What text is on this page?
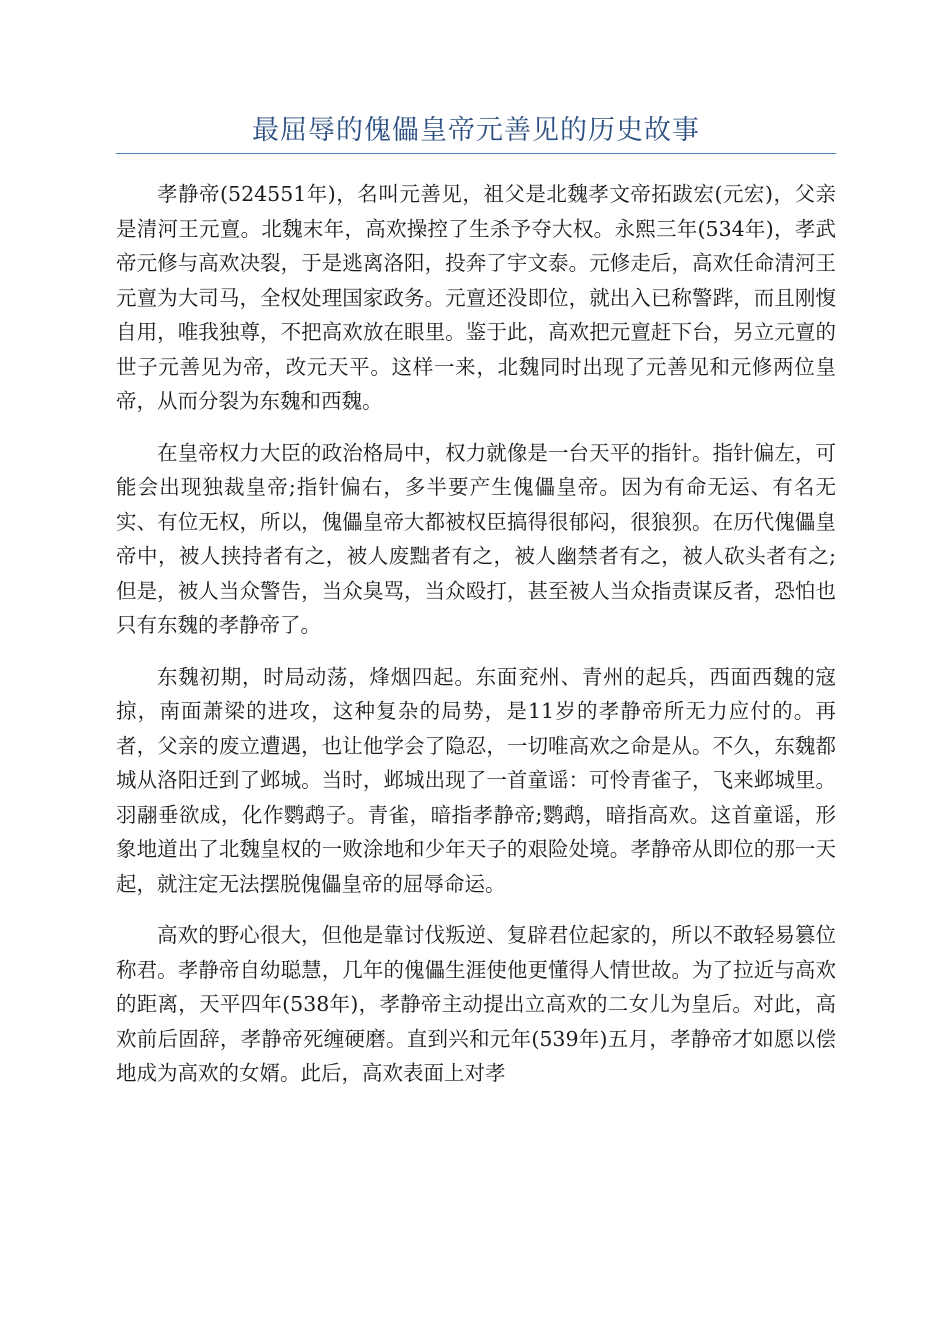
最屈辱的傀儡皇帝元善见的历史故事

孝静帝(524551年)，名叫元善见，祖父是北魏孝文帝拓跋宏(元宏)，父亲是清河王元亶。北魏末年，高欢操控了生杀予夺大权。永熙三年(534年)，孝武帝元修与高欢决裂，于是逃离洛阳，投奔了宇文泰。元修走后，高欢任命清河王元亶为大司马，全权处理国家政务。元亶还没即位，就出入已称警跸，而且刚愎自用，唯我独尊，不把高欢放在眼里。鉴于此，高欢把元亶赶下台，另立元亶的世子元善见为帝，改元天平。这样一来，北魏同时出现了元善见和元修两位皇帝，从而分裂为东魏和西魏。

在皇帝权力大臣的政治格局中，权力就像是一台天平的指针。指针偏左，可能会出现独裁皇帝;指针偏右，多半要产生傀儡皇帝。因为有命无运、有名无实、有位无权，所以，傀儡皇帝大都被权臣搞得很郁闷，很狼狈。在历代傀儡皇帝中，被人挟持者有之，被人废黜者有之，被人幽禁者有之，被人砍头者有之;但是，被人当众警告，当众臭骂，当众殴打，甚至被人当众指责谋反者，恐怕也只有东魏的孝静帝了。

东魏初期，时局动荡，烽烟四起。东面兖州、青州的起兵，西面西魏的寇掠，南面萧梁的进攻，这种复杂的局势，是11岁的孝静帝所无力应付的。再者，父亲的废立遭遇，也让他学会了隐忍，一切唯高欢之命是从。不久，东魏都城从洛阳迁到了邺城。当时，邺城出现了一首童谣：可怜青雀子，飞来邺城里。羽翮垂欲成，化作鹦鹉子。青雀，暗指孝静帝;鹦鹉，暗指高欢。这首童谣，形象地道出了北魏皇权的一败涂地和少年天子的艰险处境。孝静帝从即位的那一天起，就注定无法摆脱傀儡皇帝的屈辱命运。

高欢的野心很大，但他是靠讨伐叛逆、复辟君位起家的，所以不敢轻易篡位称君。孝静帝自幼聪慧，几年的傀儡生涯使他更懂得人情世故。为了拉近与高欢的距离，天平四年(538年)，孝静帝主动提出立高欢的二女儿为皇后。对此，高欢前后固辞，孝静帝死缠硬磨。直到兴和元年(539年)五月，孝静帝才如愿以偿地成为高欢的女婿。此后，高欢表面上对孝
